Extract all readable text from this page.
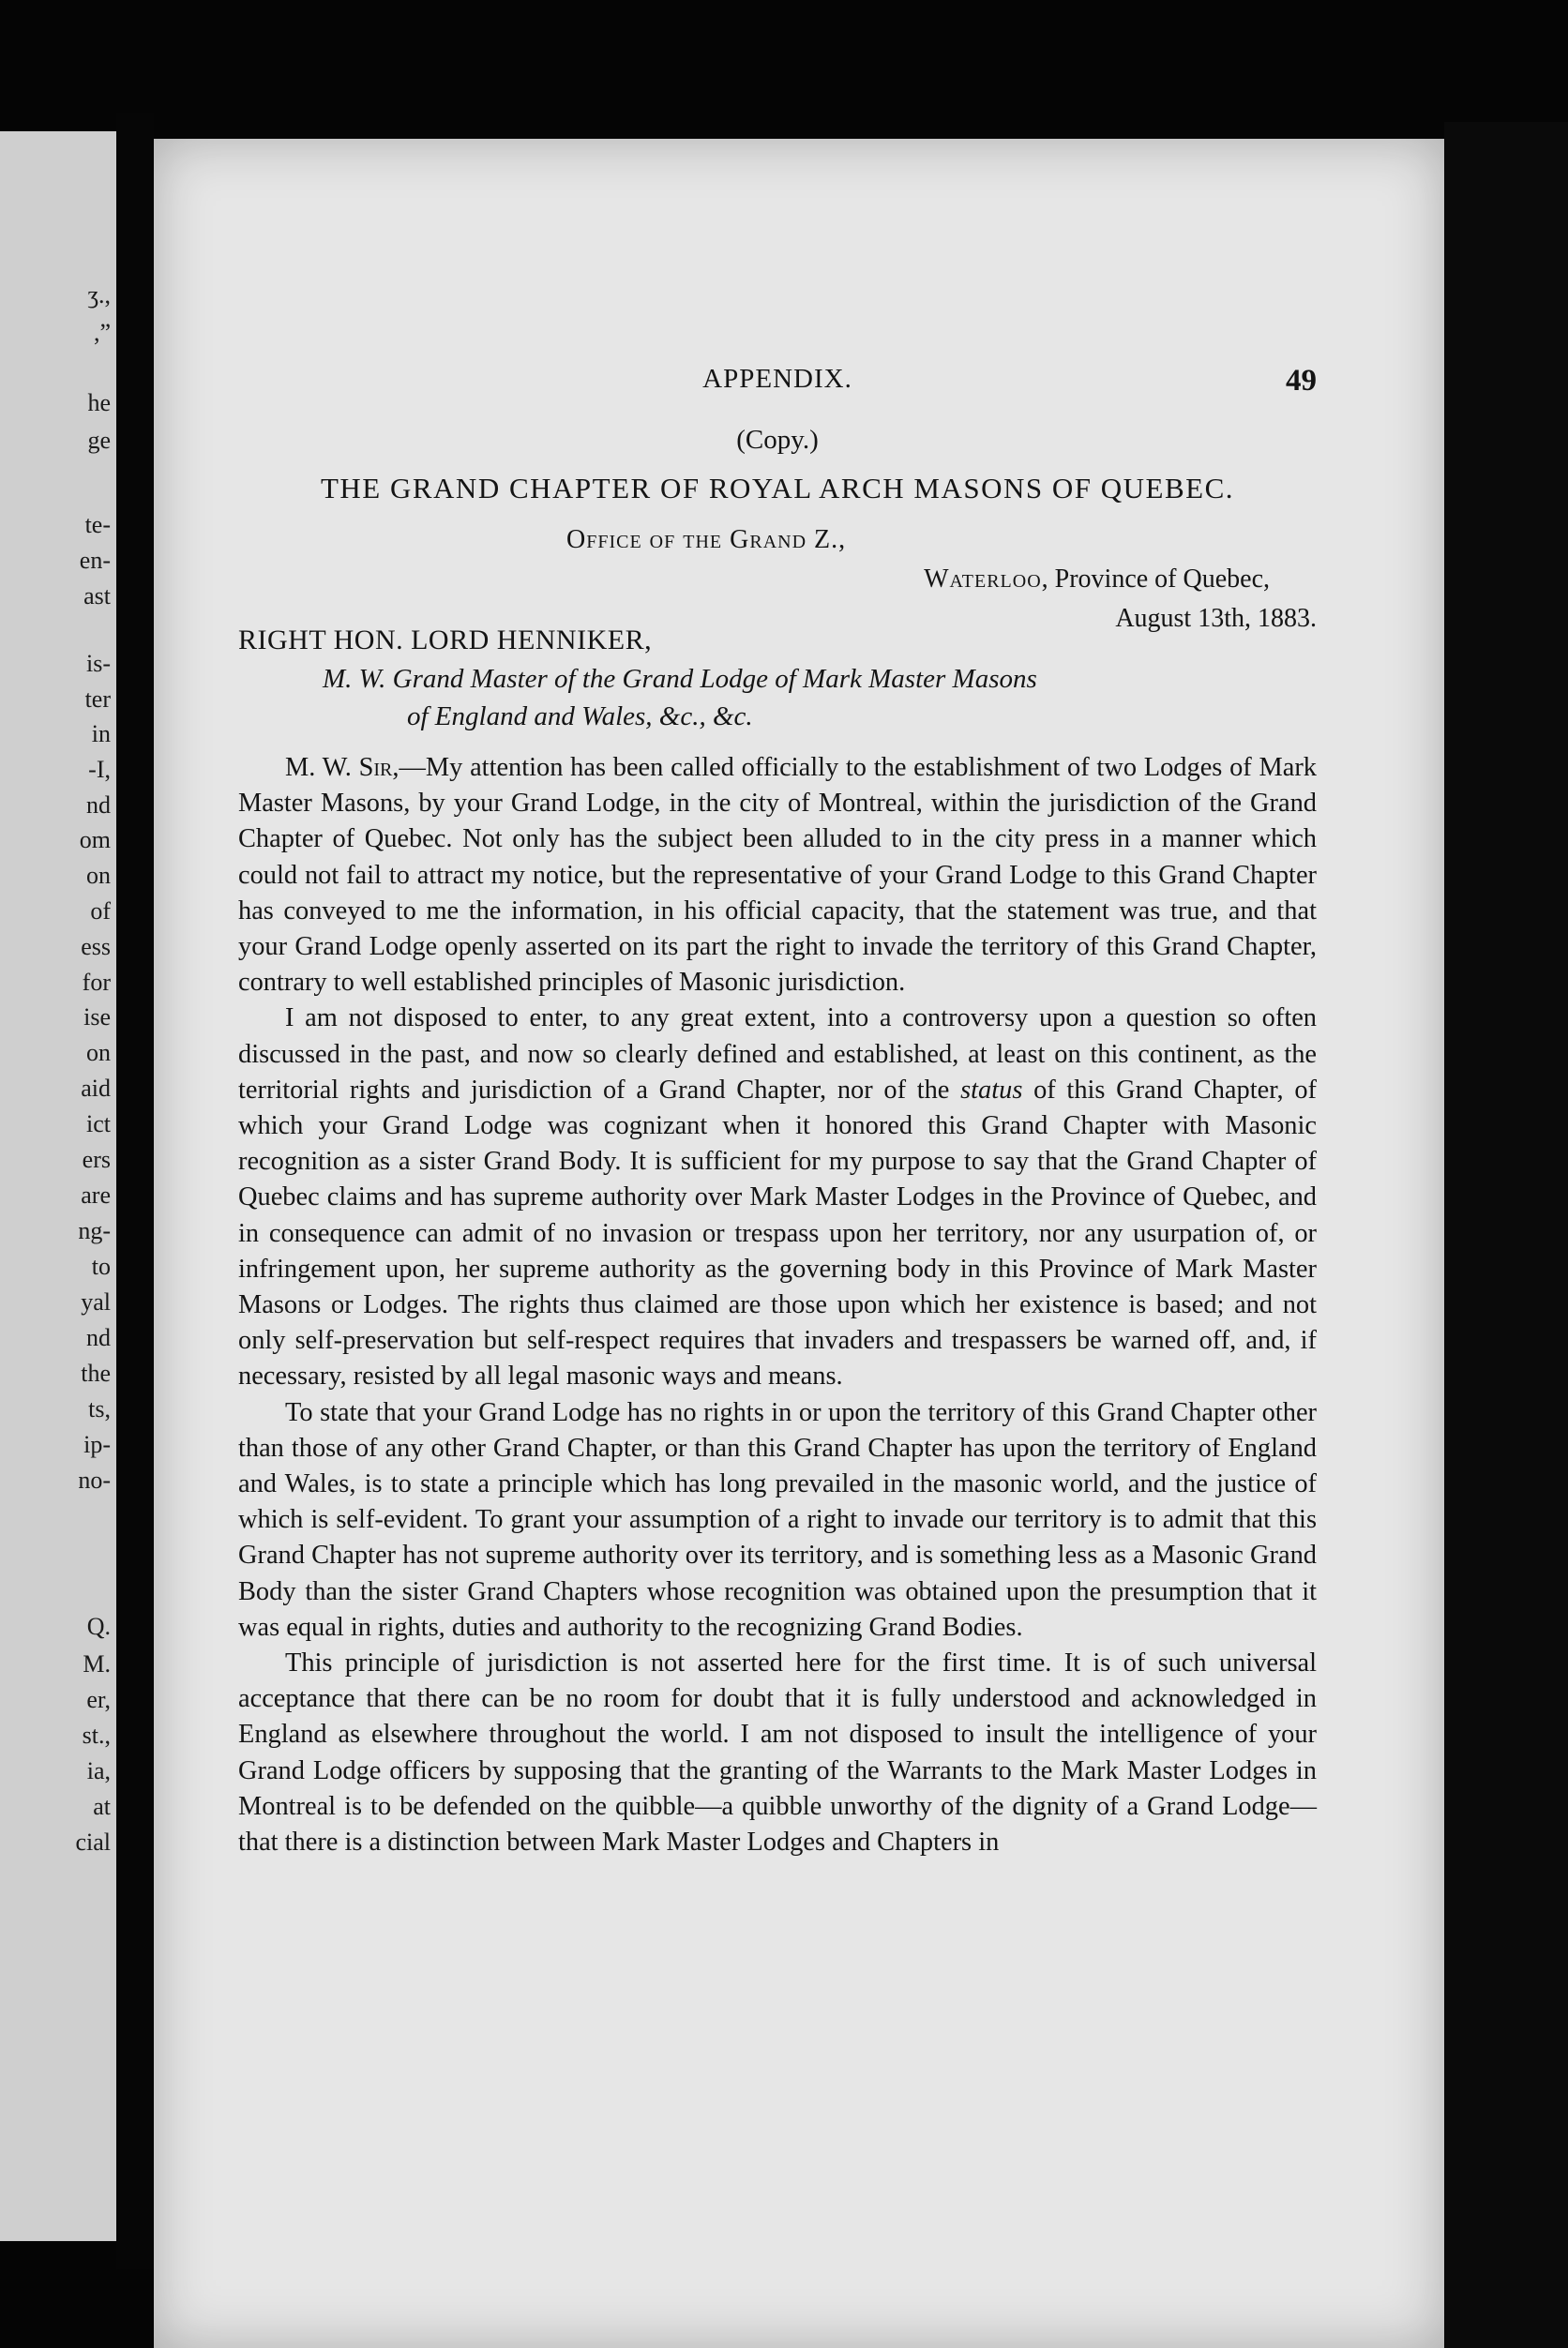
ʒ.,
,”
he
ge
te-
en-
ast
is-
ter
in
-I,
nd
om
on
of
ess
for
ise
on
aid
ict
ers
are
ng-
to
yal
nd
the
ts,
ip-
no-
Q.
M.
er,
st.,
ia,
at
cial
APPENDIX.	49
(Copy.)
THE GRAND CHAPTER OF ROYAL ARCH MASONS OF QUEBEC.
Office of the Grand Z.,
Waterloo, Province of Quebec,
August 13th, 1883.
RIGHT HON. LORD HENNIKER,
M. W. Grand Master of the Grand Lodge of Mark Master Masons
of England and Wales, &c., &c.

M. W. Sir,—My attention has been called officially to the establishment of two Lodges of Mark Master Masons, by your Grand Lodge, in the city of Montreal, within the jurisdiction of the Grand Chapter of Quebec. Not only has the subject been alluded to in the city press in a manner which could not fail to attract my notice, but the representative of your Grand Lodge to this Grand Chapter has conveyed to me the information, in his official capacity, that the statement was true, and that your Grand Lodge openly asserted on its part the right to invade the territory of this Grand Chapter, contrary to well established principles of Masonic jurisdiction.

I am not disposed to enter, to any great extent, into a controversy upon a question so often discussed in the past, and now so clearly defined and established, at least on this continent, as the territorial rights and jurisdiction of a Grand Chapter, nor of the status of this Grand Chapter, of which your Grand Lodge was cognizant when it honored this Grand Chapter with Masonic recognition as a sister Grand Body. It is sufficient for my purpose to say that the Grand Chapter of Quebec claims and has supreme authority over Mark Master Lodges in the Province of Quebec, and in consequence can admit of no invasion or trespass upon her territory, nor any usurpation of, or infringement upon, her supreme authority as the governing body in this Province of Mark Master Masons or Lodges. The rights thus claimed are those upon which her existence is based; and not only self-preservation but self-respect requires that invaders and trespassers be warned off, and, if necessary, resisted by all legal masonic ways and means.

To state that your Grand Lodge has no rights in or upon the territory of this Grand Chapter other than those of any other Grand Chapter, or than this Grand Chapter has upon the territory of England and Wales, is to state a principle which has long prevailed in the masonic world, and the justice of which is self-evident. To grant your assumption of a right to invade our territory is to admit that this Grand Chapter has not supreme authority over its territory, and is something less as a Masonic Grand Body than the sister Grand Chapters whose recognition was obtained upon the presumption that it was equal in rights, duties and authority to the recognizing Grand Bodies.

This principle of jurisdiction is not asserted here for the first time. It is of such universal acceptance that there can be no room for doubt that it is fully understood and acknowledged in England as elsewhere throughout the world. I am not disposed to insult the intelligence of your Grand Lodge officers by supposing that the granting of the Warrants to the Mark Master Lodges in Montreal is to be defended on the quibble—a quibble unworthy of the dignity of a Grand Lodge—that there is a distinction between Mark Master Lodges and Chapters in
